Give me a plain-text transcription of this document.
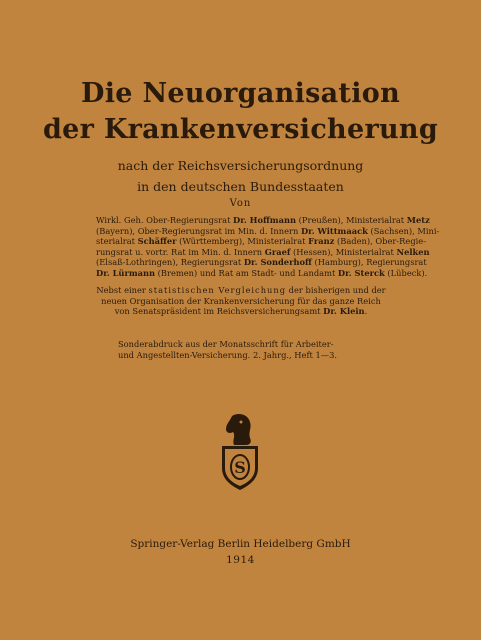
Die Neuorganisation
der Krankenversicherung
nach der Reichsversicherungsordnung
in den deutschen Bundesstaaten
Von
Wirkl. Geh. Ober-Regierungsrat Dr. Hoffmann (Preußen), Ministerialrat Metz
(Bayern), Ober-Regierungsrat im Min. d. Innern Dr. Wittmaack (Sachsen), Mini-
sterialrat Schäffer (Württemberg), Ministerialrat Franz (Baden), Ober-Regie-
rungsrat u. vortr. Rat im Min. d. Innern Graef (Hessen), Ministerialrat Nelken
(Elsaß-Lothringen), Regierungsrat Dr. Sonderhoff (Hamburg), Regierungsrat
Dr. Lürmann (Bremen) und Rat am Stadt- und Landamt Dr. Sterck (Lübeck).
Nebst einer statistischen Vergleichung der bisherigen und der
neuen Organisation der Krankenversicherung für das ganze Reich
von Senatspräsident im Reichsversicherungsamt Dr. Klein.
Sonderabdruck aus der Monatsschrift für Arbeiter-
und Angestellten-Versicherung. 2. Jahrg., Heft 1—3.
S
Springer-Verlag Berlin Heidelberg GmbH
1914
